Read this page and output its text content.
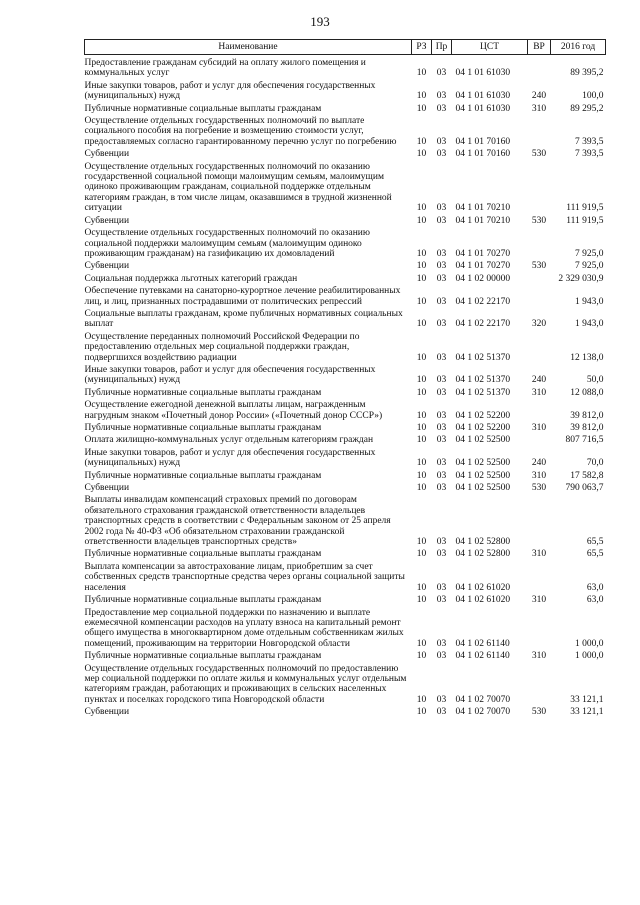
193
Наименование	РЗ	Пр	ЦСТ	ВР	2016 год
Предоставление гражданам субсидий на оплату жилого помещения и коммунальных услуг	10	03	04 1 01 61030		89 395,2
Иные закупки товаров, работ и услуг для обеспечения государственных (муниципальных) нужд	10	03	04 1 01 61030	240	100,0
Публичные нормативные социальные выплаты гражданам	10	03	04 1 01 61030	310	89 295,2
Осуществление отдельных государственных полномочий по выплате социального пособия на погребение и возмещению стоимости услуг, предоставляемых согласно гарантированному перечню услуг по погребению	10	03	04 1 01 70160		7 393,5
Субвенции	10	03	04 1 01 70160	530	7 393,5
Осуществление отдельных государственных полномочий по оказанию государственной социальной помощи малоимущим семьям, малоимущим одиноко проживающим гражданам, социальной поддержке отдельным категориям граждан, в том числе лицам, оказавшимся в трудной жизненной ситуации	10	03	04 1 01 70210		111 919,5
Субвенции	10	03	04 1 01 70210	530	111 919,5
Осуществление отдельных государственных полномочий по оказанию социальной поддержки малоимущим семьям (малоимущим одиноко проживающим гражданам) на газификацию их домовладений	10	03	04 1 01 70270		7 925,0
Субвенции	10	03	04 1 01 70270	530	7 925,0
Социальная поддержка льготных категорий граждан	10	03	04 1 02 00000		2 329 030,9
Обеспечение путевками на санаторно-курортное лечение реабилитированных лиц, и лиц, признанных пострадавшими от политических репрессий	10	03	04 1 02 22170		1 943,0
Социальные выплаты гражданам, кроме публичных нормативных социальных выплат	10	03	04 1 02 22170	320	1 943,0
Осуществление переданных полномочий Российской Федерации по предоставлению отдельных мер социальной поддержки граждан, подвергшихся воздействию радиации	10	03	04 1 02 51370		12 138,0
Иные закупки товаров, работ и услуг для обеспечения государственных (муниципальных) нужд	10	03	04 1 02 51370	240	50,0
Публичные нормативные социальные выплаты гражданам	10	03	04 1 02 51370	310	12 088,0
Осуществление ежегодной денежной выплаты лицам, награжденным нагрудным знаком «Почетный донор России» («Почетный донор СССР»)	10	03	04 1 02 52200		39 812,0
Публичные нормативные социальные выплаты гражданам	10	03	04 1 02 52200	310	39 812,0
Оплата жилищно-коммунальных услуг отдельным категориям граждан	10	03	04 1 02 52500		807 716,5
Иные закупки товаров, работ и услуг для обеспечения государственных (муниципальных) нужд	10	03	04 1 02 52500	240	70,0
Публичные нормативные социальные выплаты гражданам	10	03	04 1 02 52500	310	17 582,8
Субвенции	10	03	04 1 02 52500	530	790 063,7
Выплаты инвалидам компенсаций страховых премий по договорам обязательного страхования гражданской ответственности владельцев транспортных средств в соответствии с Федеральным законом от 25 апреля 2002 года № 40-ФЗ «Об обязательном страховании гражданской ответственности владельцев транспортных средств»	10	03	04 1 02 52800		65,5
Публичные нормативные социальные выплаты гражданам	10	03	04 1 02 52800	310	65,5
Выплата компенсации за автострахование лицам, приобретшим за счет собственных средств транспортные средства через органы социальной защиты населения	10	03	04 1 02 61020		63,0
Публичные нормативные социальные выплаты гражданам	10	03	04 1 02 61020	310	63,0
Предоставление мер социальной поддержки по назначению и выплате ежемесячной компенсации расходов на уплату взноса на капитальный ремонт общего имущества в многоквартирном доме отдельным собственникам жилых помещений, проживающим на территории Новгородской области	10	03	04 1 02 61140		1 000,0
Публичные нормативные социальные выплаты гражданам	10	03	04 1 02 61140	310	1 000,0
Осуществление отдельных государственных полномочий по предоставлению мер социальной поддержки по оплате жилья и коммунальных услуг отдельным категориям граждан, работающих и проживающих в сельских населенных пунктах и поселках городского типа Новгородской области	10	03	04 1 02 70070		33 121,1
Субвенции	10	03	04 1 02 70070	530	33 121,1
